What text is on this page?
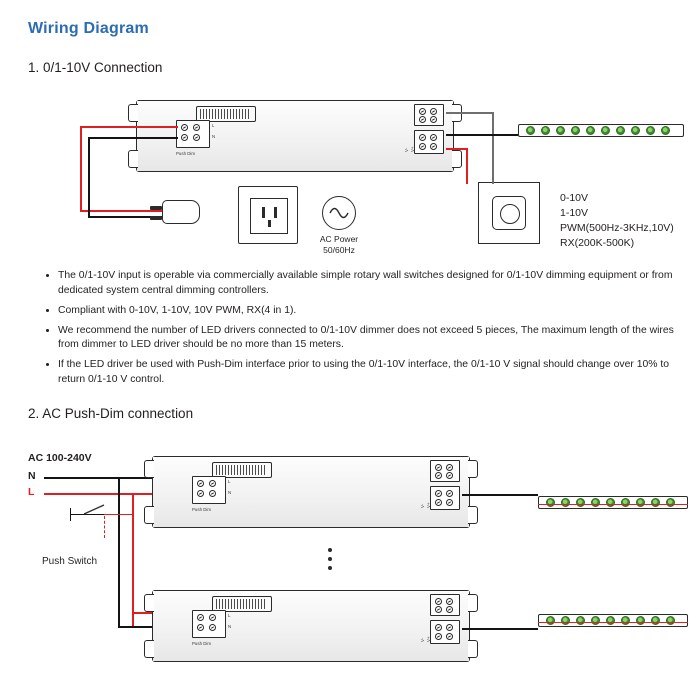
Wiring Diagram
1. 0/1-10V Connection
L
N
Push Dim
V+
V-
AC Power
50/60Hz
0-10V
1-10V
PWM(500Hz-3KHz,10V)
RX(200K-500K)
• The 0/1-10V input is operable via commercially available simple rotary wall switches designed for 0/1-10V dimming equipment or from dedicated system central dimming controllers.
• Compliant with 0-10V, 1-10V, 10V PWM, RX(4 in 1).
• We recommend the number of LED drivers connected to 0/1-10V dimmer does not exceed 5 pieces, The maximum length of the wires from dimmer to LED driver should be no more than 15 meters.
• If the LED driver be used with Push-Dim interface prior to using the 0/1-10V interface, the 0/1-10 V signal should change over 10% to return 0/1-10 V control.
2. AC Push-Dim connection
AC 100-240V
N
L
Push Switch
L
N
Push Dim
V+
V-
L
N
Push Dim
V+
V-
